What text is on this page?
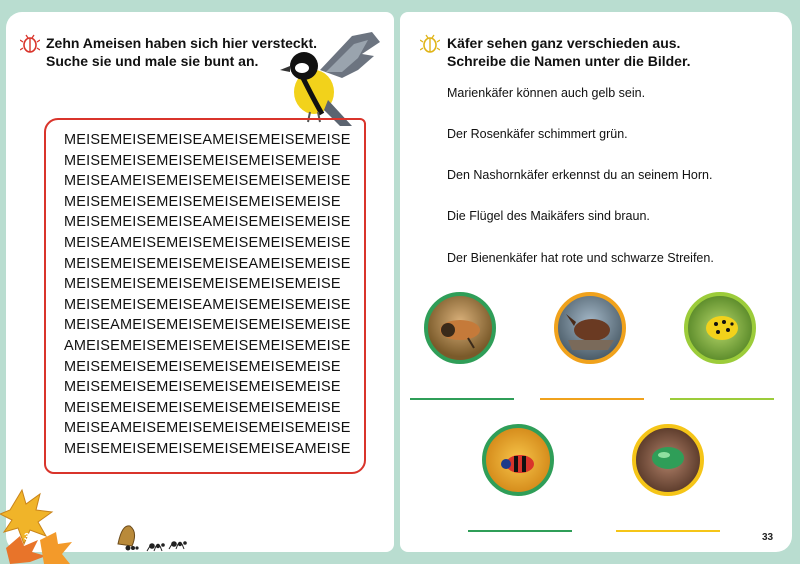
Zehn Ameisen haben sich hier versteckt.
Suche sie und male sie bunt an.
MEISEMEISEMEISEAMEISEMEISEMEISE
MEISEMEISEMEISEMEISEMEISEMEISE
MEISEAMEISEMEISEMEISEMEISEMEISE
MEISEMEISEMEISEMEISEMEISEMEISE
MEISEMEISEMEISEAMEISEMEISEMEISE
MEISEAMEISEMEISEMEISEMEISEMEISE
MEISEMEISEMEISEMEISEAMEISEMEISE
MEISEMEISEMEISEMEISEMEISEMEISE
MEISEMEISEMEISEAMEISEMEISEMEISE
MEISEAMEISEMEISEMEISEMEISEMEISE
AMEISEMEISEMEISEMEISEMEISEMEISE
MEISEMEISEMEISEMEISEMEISEMEISE
MEISEMEISEMEISEMEISEMEISEMEISE
MEISEMEISEMEISEMEISEMEISEMEISE
MEISEAMEISEMEISEMEISEMEISEMEISE
MEISEMEISEMEISEMEISEMEISEAMEISE
32
Käfer sehen ganz verschieden aus.
Schreibe die Namen unter die Bilder.
Marienkäfer können auch gelb sein.
Der Rosenkäfer schimmert grün.
Den Nashornkäfer erkennst du an seinem Horn.
Die Flügel des Maikäfers sind braun.
Der Bienenkäfer hat rote und schwarze Streifen.
33
